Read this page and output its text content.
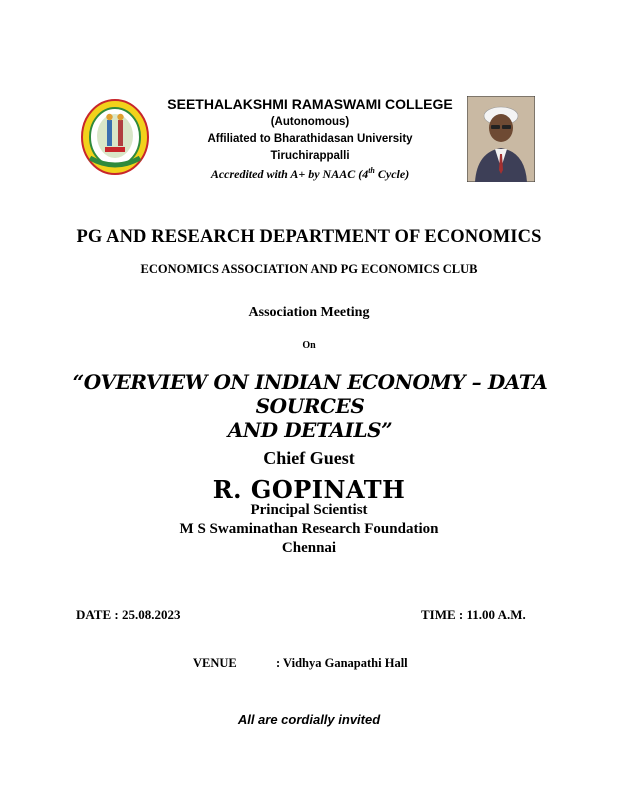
SEETHALAKSHMI RAMASWAMI COLLEGE
(Autonomous)
Affiliated to Bharathidasan University
Tiruchirappalli
Accredited with A+ by NAAC (4th Cycle)
PG AND RESEARCH DEPARTMENT OF ECONOMICS
ECONOMICS ASSOCIATION AND PG ECONOMICS CLUB
Association Meeting
On
“OVERVIEW ON INDIAN ECONOMY – DATA SOURCES
AND DETAILS”
Chief Guest
R. GOPINATH
Principal Scientist
M S Swaminathan Research Foundation
Chennai
DATE : 25.08.2023	TIME : 11.00 A.M.
VENUE	: Vidhya Ganapathi Hall
All are cordially invited
